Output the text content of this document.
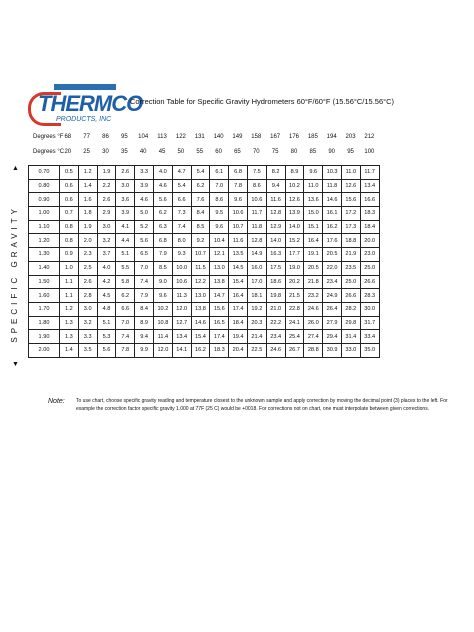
THERMCO
PRODUCTS, INC
Correction Table for Specific Gravity Hydrometers 60°F/60°F (15.56°C/15.56°C)
Degrees °F
Degrees °C
68	77	86	95	104	113	122	131	140	149	158	167	176	185	194	203	212
20	25	30	35	40	45	50	55	60	65	70	75	80	85	90	95	100
▲
SPECIFIC GRAVITY
▼
0.70	0.5	1.2	1.9	2.6	3.3	4.0	4.7	5.4	6.1	6.8	7.5	8.2	8.9	9.6	10.3	11.0	11.7
0.80	0.6	1.4	2.2	3.0	3.9	4.6	5.4	6.2	7.0	7.8	8.6	9.4	10.2	11.0	11.8	12.6	13.4
0.90	0.6	1.6	2.6	3.6	4.6	5.6	6.6	7.6	8.6	9.6	10.6	11.6	12.6	13.6	14.6	15.6	16.6
1.00	0.7	1.8	2.9	3.9	5.0	6.2	7.3	8.4	9.5	10.6	11.7	12.8	13.9	15.0	16.1	17.2	18.3
1.10	0.8	1.9	3.0	4.1	5.2	6.3	7.4	8.5	9.6	10.7	11.8	12.9	14.0	15.1	16.2	17.3	18.4
1.20	0.8	2.0	3.2	4.4	5.6	6.8	8.0	9.2	10.4	11.6	12.8	14.0	15.2	16.4	17.6	18.8	20.0
1.30	0.9	2.3	3.7	5.1	6.5	7.9	9.3	10.7	12.1	13.5	14.9	16.3	17.7	19.1	20.5	21.9	23.0
1.40	1.0	2.5	4.0	5.5	7.0	8.5	10.0	11.5	13.0	14.5	16.0	17.5	19.0	20.5	22.0	23.5	25.0
1.50	1.1	2.6	4.2	5.8	7.4	9.0	10.6	12.2	13.8	15.4	17.0	18.6	20.2	21.8	23.4	25.0	26.6
1.60	1.1	2.8	4.5	6.2	7.9	9.6	11.3	13.0	14.7	16.4	18.1	19.8	21.5	23.2	24.9	26.6	28.3
1.70	1.2	3.0	4.8	6.6	8.4	10.2	12.0	13.8	15.6	17.4	19.2	21.0	22.8	24.6	26.4	28.2	30.0
1.80	1.3	3.2	5.1	7.0	8.9	10.8	12.7	14.6	16.5	18.4	20.3	22.2	24.1	26.0	27.9	29.8	31.7
1.90	1.3	3.3	5.3	7.4	9.4	11.4	13.4	15.4	17.4	19.4	21.4	23.4	25.4	27.4	29.4	31.4	33.4
2.00	1.4	3.5	5.6	7.8	9.9	12.0	14.1	16.2	18.3	20.4	22.5	24.6	26.7	28.8	30.9	33.0	35.0
Note: To use chart, choose specific gravity reading and temperature closest to the unknown sample and apply correction by moving the decimal point (3) places to the left. For example the correction factor specific gravity 1.000 at 77F (25 C) would be +0018. For corrections not on chart, one must interpolate between given corrections.
